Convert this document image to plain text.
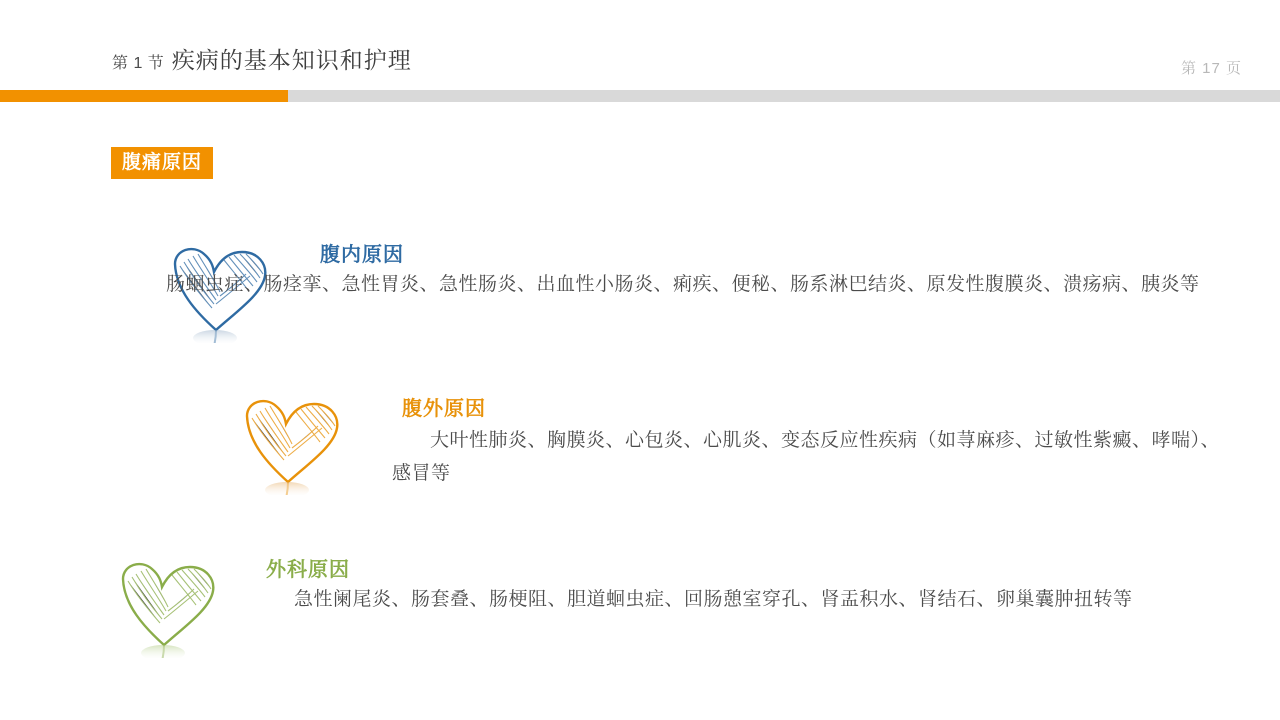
第 1 节 疾病的基本知识和护理	第 17 页
腹痛原因
腹内原因
肠蛔虫症、肠痉挛、急性胃炎、急性肠炎、出血性小肠炎、痢疾、便秘、肠系淋巴结炎、原发性腹膜炎、溃疡病、胰炎等
腹外原因
大叶性肺炎、胸膜炎、心包炎、心肌炎、变态反应性疾病（如荨麻疹、过敏性紫癜、哮喘）、感冒等
外科原因
急性阑尾炎、肠套叠、肠梗阻、胆道蛔虫症、回肠憩室穿孔、肾盂积水、肾结石、卵巢囊肿扭转等
